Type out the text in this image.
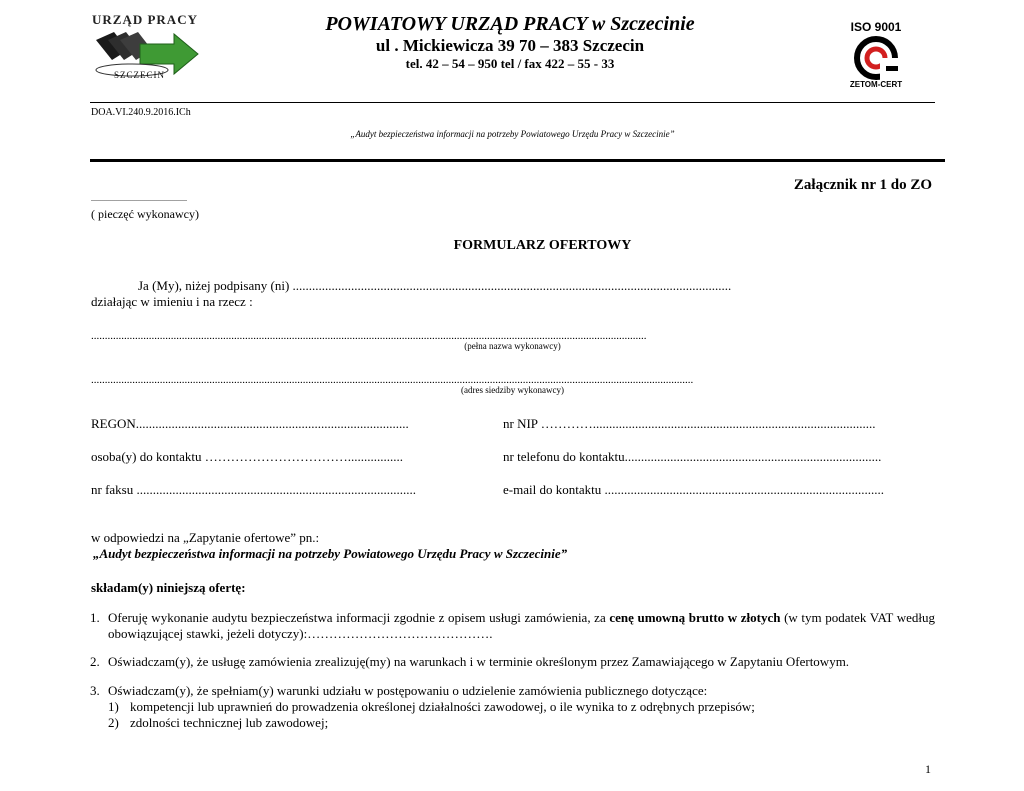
URZĄD PRACY
SZCZECIN
POWIATOWY URZĄD PRACY w Szczecinie
ul . Mickiewicza 39 70 – 383 Szczecin
tel. 42 – 54 – 950 tel / fax 422 – 55 - 33
ISO 9001
ZETOM-CERT
DOA.VI.240.9.2016.ICh
„Audyt bezpieczeństwa informacji na potrzeby Powiatowego Urzędu Pracy w Szczecinie”
Załącznik nr 1 do ZO
................................................
( pieczęć wykonawcy)
FORMULARZ OFERTOWY
Ja (My), niżej podpisany (ni) .......................................................................................................................................
działając w imieniu i na rzecz :
..........................................................................................................................................................................................................
(pełna nazwa wykonawcy)
...........................................................................................................................................................................................................................
(adres siedziby wykonawcy)
REGON....................................................................................	nr NIP ………….......................................................................................
osoba(y) do kontaktu …………………………….................	nr telefonu do kontaktu...............................................................................
nr faksu ......................................................................................	e-mail do kontaktu ......................................................................................
w odpowiedzi na „Zapytanie ofertowe” pn.:
„Audyt bezpieczeństwa informacji na potrzeby Powiatowego Urzędu Pracy w Szczecinie”
składam(y) niniejszą ofertę:
1. Oferuję wykonanie audytu bezpieczeństwa informacji zgodnie z opisem usługi zamówienia, za cenę umowną brutto w złotych (w tym podatek VAT według obowiązującej stawki, jeżeli dotyczy):…………………………………….
2. Oświadczam(y), że usługę zamówienia zrealizuję(my) na warunkach i w terminie określonym przez Zamawiającego w Zapytaniu Ofertowym.
3. Oświadczam(y), że spełniam(y) warunki udziału w postępowaniu o udzielenie zamówienia publicznego dotyczące:
1) kompetencji lub uprawnień do prowadzenia określonej działalności zawodowej, o ile wynika to z odrębnych przepisów;
2) zdolności technicznej lub zawodowej;
1
